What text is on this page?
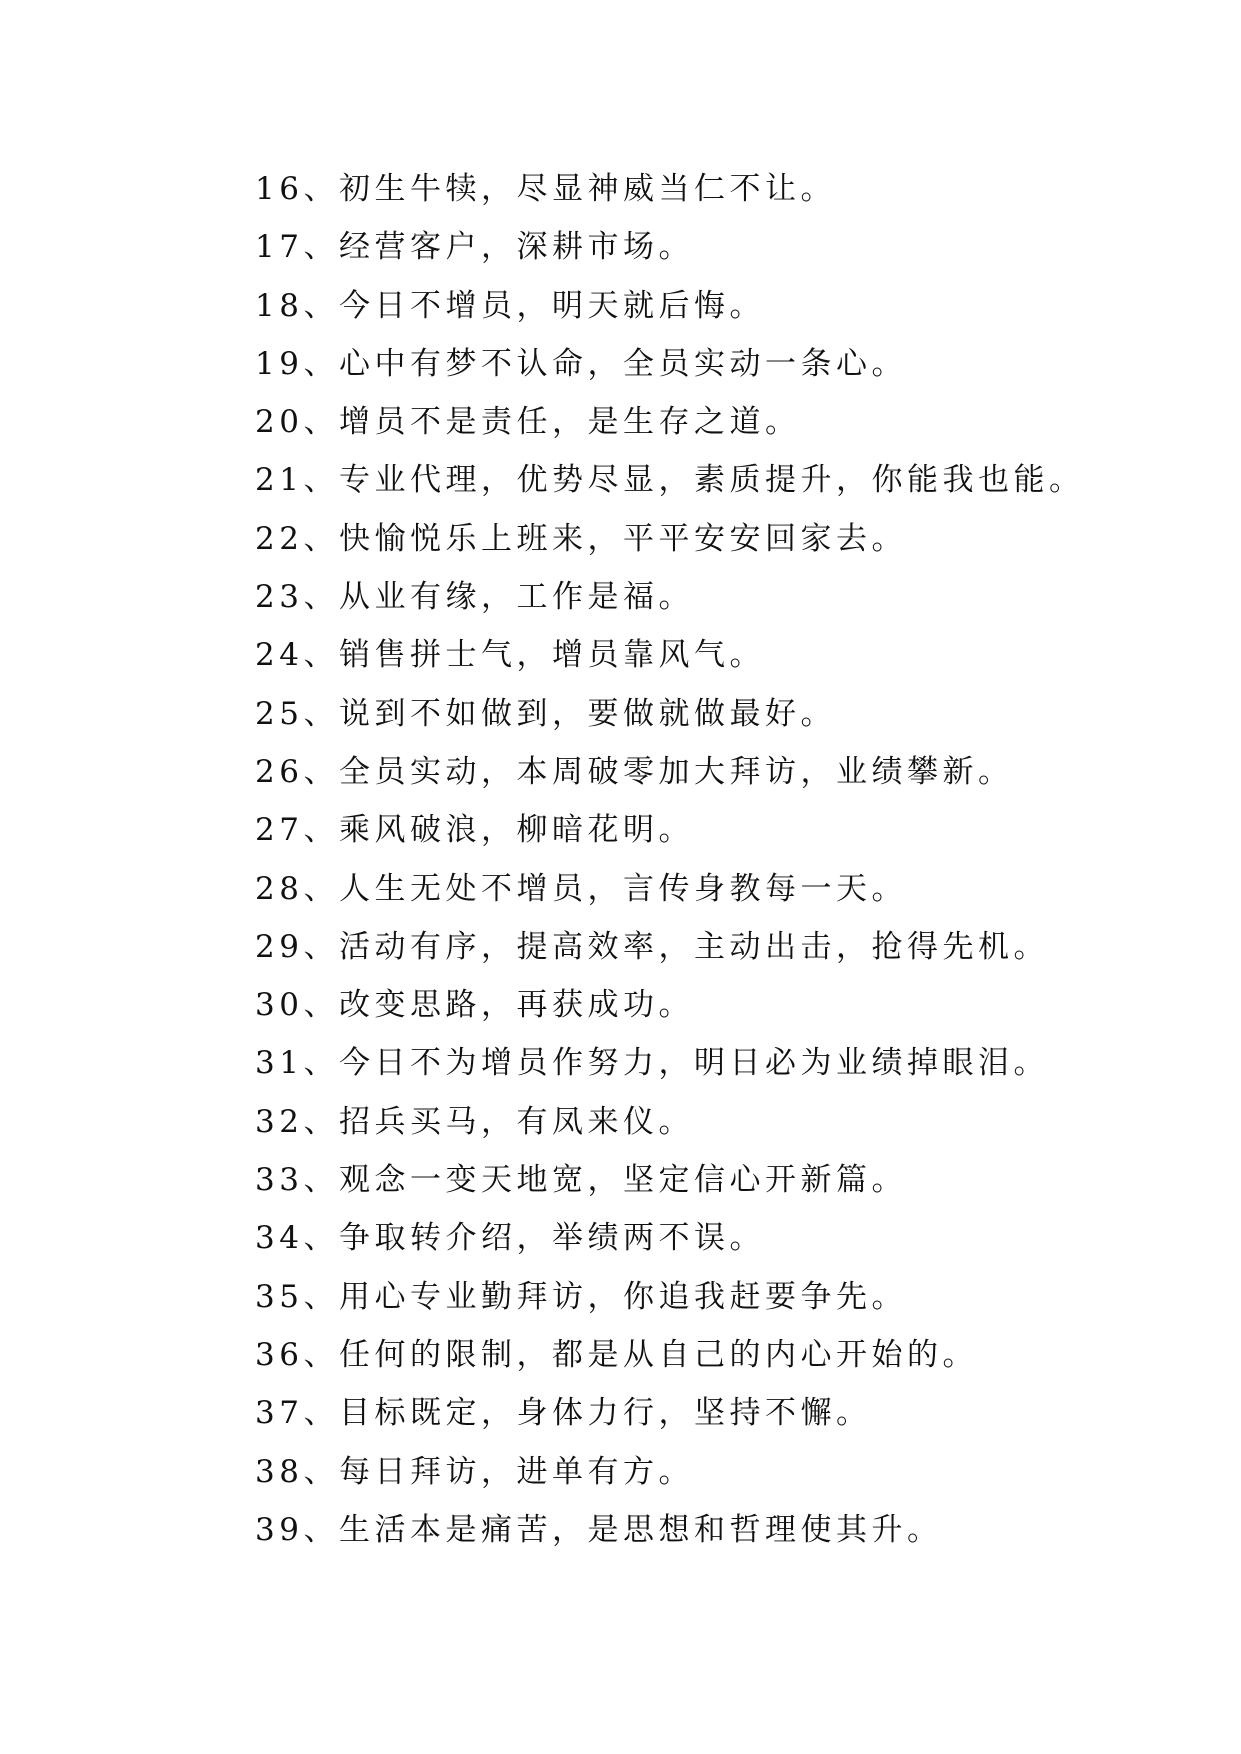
16、初生牛犊，尽显神威当仁不让。
17、经营客户，深耕市场。
18、今日不增员，明天就后悔。
19、心中有梦不认命，全员实动一条心。
20、增员不是责任，是生存之道。
21、专业代理，优势尽显，素质提升，你能我也能。
22、快愉悦乐上班来，平平安安回家去。
23、从业有缘，工作是福。
24、销售拼士气，增员靠风气。
25、说到不如做到，要做就做最好。
26、全员实动，本周破零加大拜访，业绩攀新。
27、乘风破浪，柳暗花明。
28、人生无处不增员，言传身教每一天。
29、活动有序，提高效率，主动出击，抢得先机。
30、改变思路，再获成功。
31、今日不为增员作努力，明日必为业绩掉眼泪。
32、招兵买马，有凤来仪。
33、观念一变天地宽，坚定信心开新篇。
34、争取转介绍，举绩两不误。
35、用心专业勤拜访，你追我赶要争先。
36、任何的限制，都是从自己的内心开始的。
37、目标既定，身体力行，坚持不懈。
38、每日拜访，进单有方。
39、生活本是痛苦，是思想和哲理使其升。
